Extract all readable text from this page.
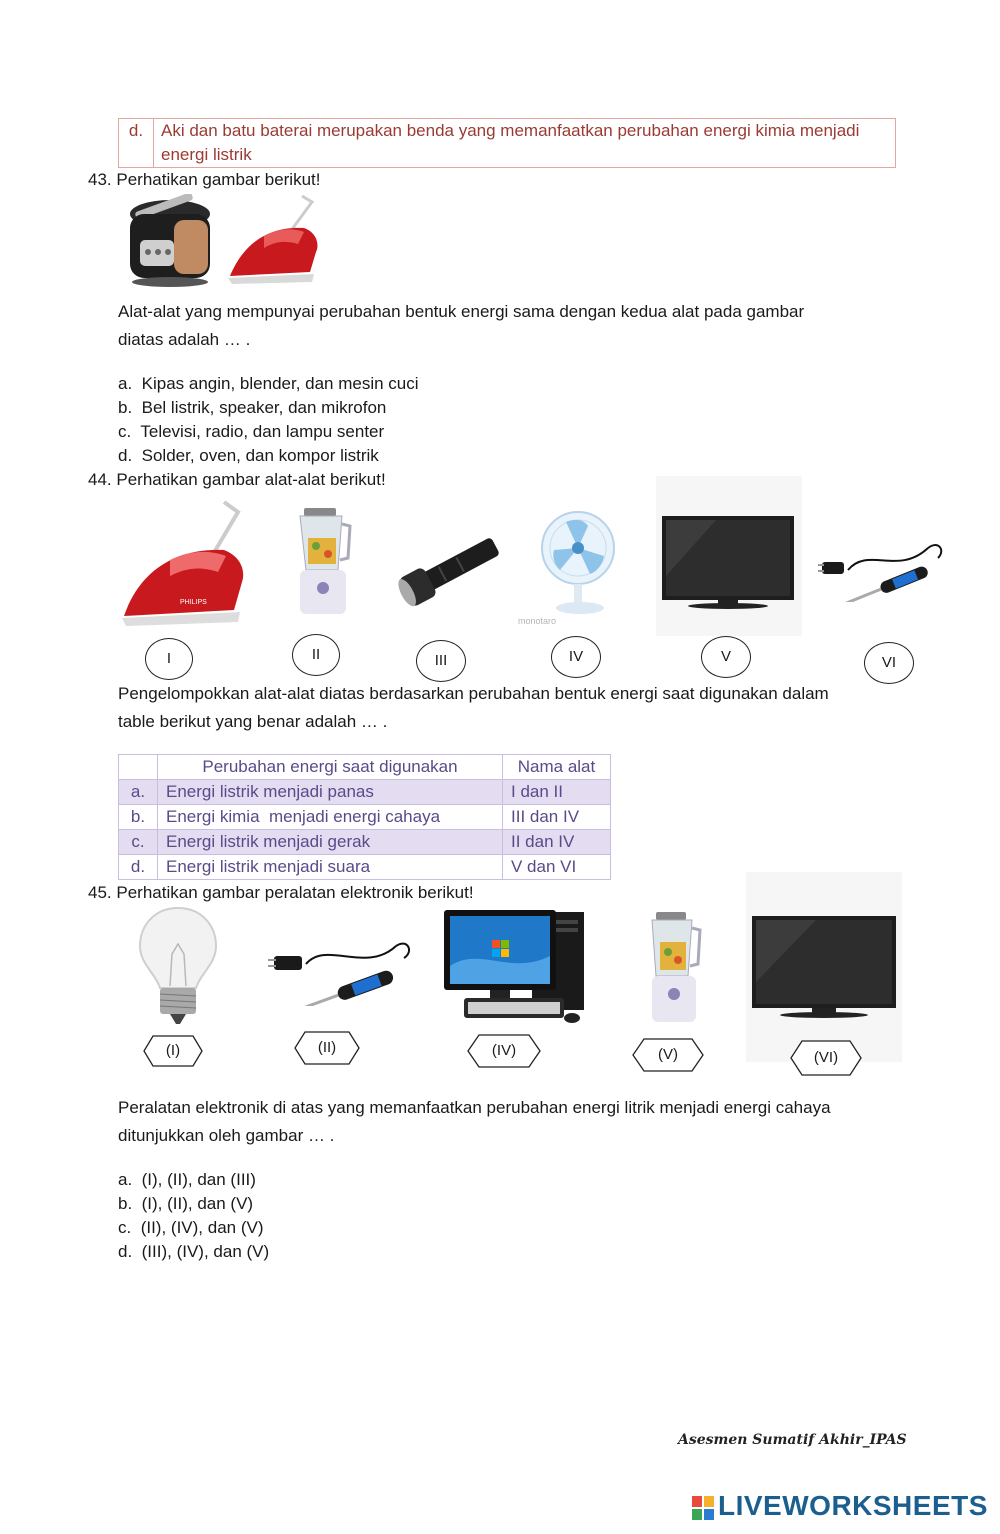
d.	Aki dan batu baterai merupakan benda yang memanfaatkan perubahan energi kimia menjadi energi listrik
43. Perhatikan gambar berikut!
Alat-alat yang mempunyai perubahan bentuk energi sama dengan kedua alat pada gambar
diatas adalah … .
a. Kipas angin, blender, dan mesin cuci
b. Bel listrik, speaker, dan mikrofon
c. Televisi, radio, dan lampu senter
d. Solder, oven, dan kompor listrik
44. Perhatikan gambar alat-alat berikut!
PHILIPS
monotaro
I	II	III	IV	V	VI
Pengelompokkan alat-alat diatas berdasarkan perubahan bentuk energi saat digunakan dalam
table berikut yang benar adalah … .
	Perubahan energi saat digunakan	Nama alat
a.	Energi listrik menjadi panas	I dan II
b.	Energi kimia  menjadi energi cahaya	III dan IV
c.	Energi listrik menjadi gerak	II dan IV
d.	Energi listrik menjadi suara	V dan VI
45. Perhatikan gambar peralatan elektronik berikut!
(I)	(II)	(IV)	(V)	(VI)
Peralatan elektronik di atas yang memanfaatkan perubahan energi litrik menjadi energi cahaya
ditunjukkan oleh gambar … .
a. (I), (II), dan (III)
b. (I), (II), dan (V)
c. (II), (IV), dan (V)
d. (III), (IV), dan (V)
Asesmen Sumatif Akhir_IPAS
LIVEWORKSHEETS
